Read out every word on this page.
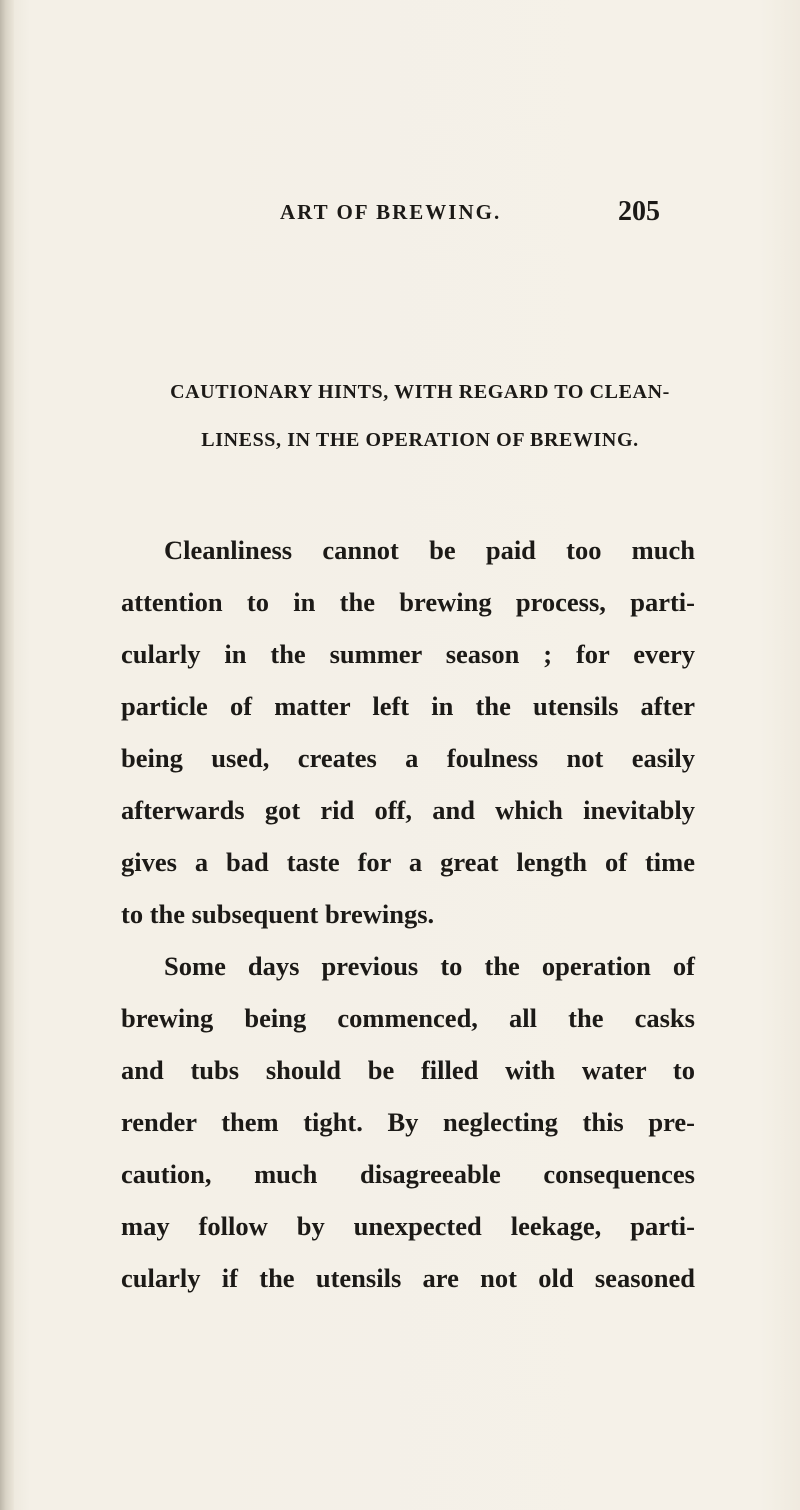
ART OF BREWING.	205
CAUTIONARY HINTS, WITH REGARD TO CLEAN-
LINESS, IN THE OPERATION OF BREWING.
Cleanliness cannot be paid too much
attention to in the brewing process, parti-
cularly in the summer season ; for every
particle of matter left in the utensils after
being used, creates a foulness not easily
afterwards got rid off, and which inevitably
gives a bad taste for a great length of time
to the subsequent brewings.
Some days previous to the operation of
brewing being commenced, all the casks
and tubs should be filled with water to
render them tight. By neglecting this pre-
caution, much disagreeable consequences
may follow by unexpected leekage, parti-
cularly if the utensils are not old seasoned
